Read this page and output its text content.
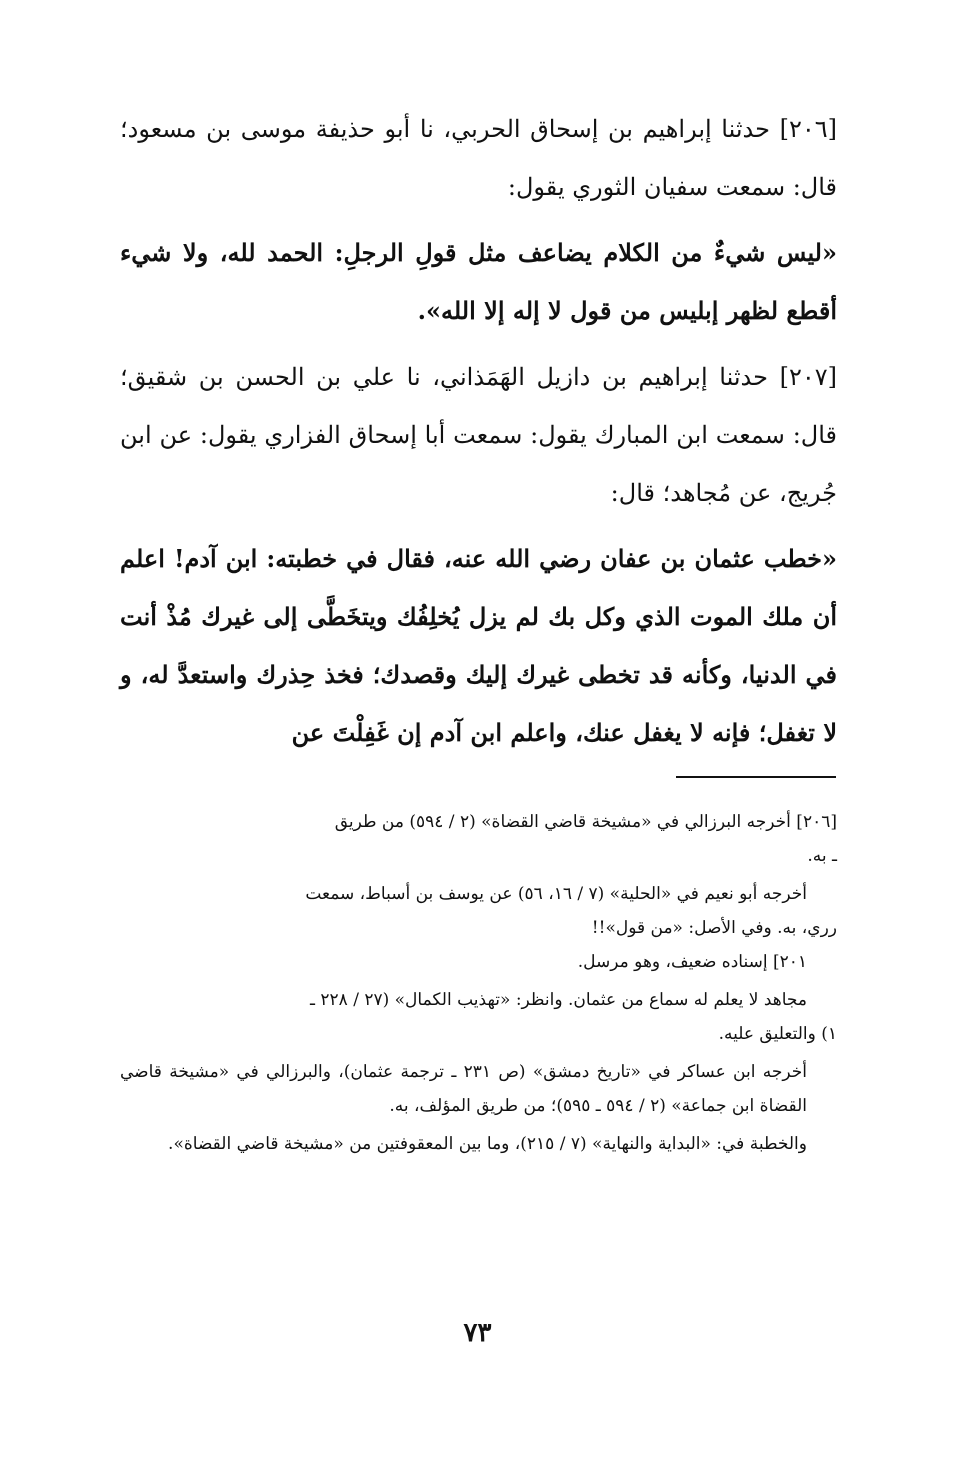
[٢٠٦] حدثنا إبراهيم بن إسحاق الحربي، نا أبو حذيفة موسى بن مسعود؛ قال: سمعت سفيان الثوري يقول:

«ليس شيءٌ من الكلام يضاعف مثل قولِ الرجلِ: الحمد لله، ولا شيء أقطع لظهر إبليس من قول لا إله إلا الله».

[٢٠٧] حدثنا إبراهيم بن دازيل الهَمَذاني، نا علي بن الحسن بن شقيق؛ قال: سمعت ابن المبارك يقول: سمعت أبا إسحاق الفزاري يقول: عن ابن جُريج، عن مُجاهد؛ قال:

«خطب عثمان بن عفان رضي الله عنه، فقال في خطبته: ابن آدم! اعلم أن ملك الموت الذي وكل بك لم يزل يُخلِفُك ويتخَطَّى إلى غيرك مُذْ أنت في الدنيا، وكأنه قد تخطى غيرك إليك وقصدك؛ فخذ حِذرك واستعدَّ له، و لا تغفل؛ فإنه لا يغفل عنك، واعلم ابن آدم إن غَفِلْتَ عن

[٢٠٦] أخرجه البرزالي في «مشيخة قاضي القضاة» (٢ / ٥٩٤) من طريق

ـ به.

أخرجه أبو نعيم في «الحلية» (٧ / ١٦، ٥٦) عن يوسف بن أسباط، سمعت

رري، به. وفي الأصل: «من قول»!!

٢٠١] إسناده ضعيف، وهو مرسل.

مجاهد لا يعلم له سماع من عثمان. وانظر: «تهذيب الكمال» (٢٧ / ٢٢٨ ـ

١) والتعليق عليه.

أخرجه ابن عساكر في «تاريخ دمشق» (ص ٢٣١ ـ ترجمة عثمان)، والبرزالي في «مشيخة قاضي القضاة ابن جماعة» (٢ / ٥٩٤ ـ ٥٩٥)؛ من طريق المؤلف، به.

والخطبة في: «البداية والنهاية» (٧ / ٢١٥)، وما بين المعقوفتين من «مشيخة قاضي القضاة».

٧٣
